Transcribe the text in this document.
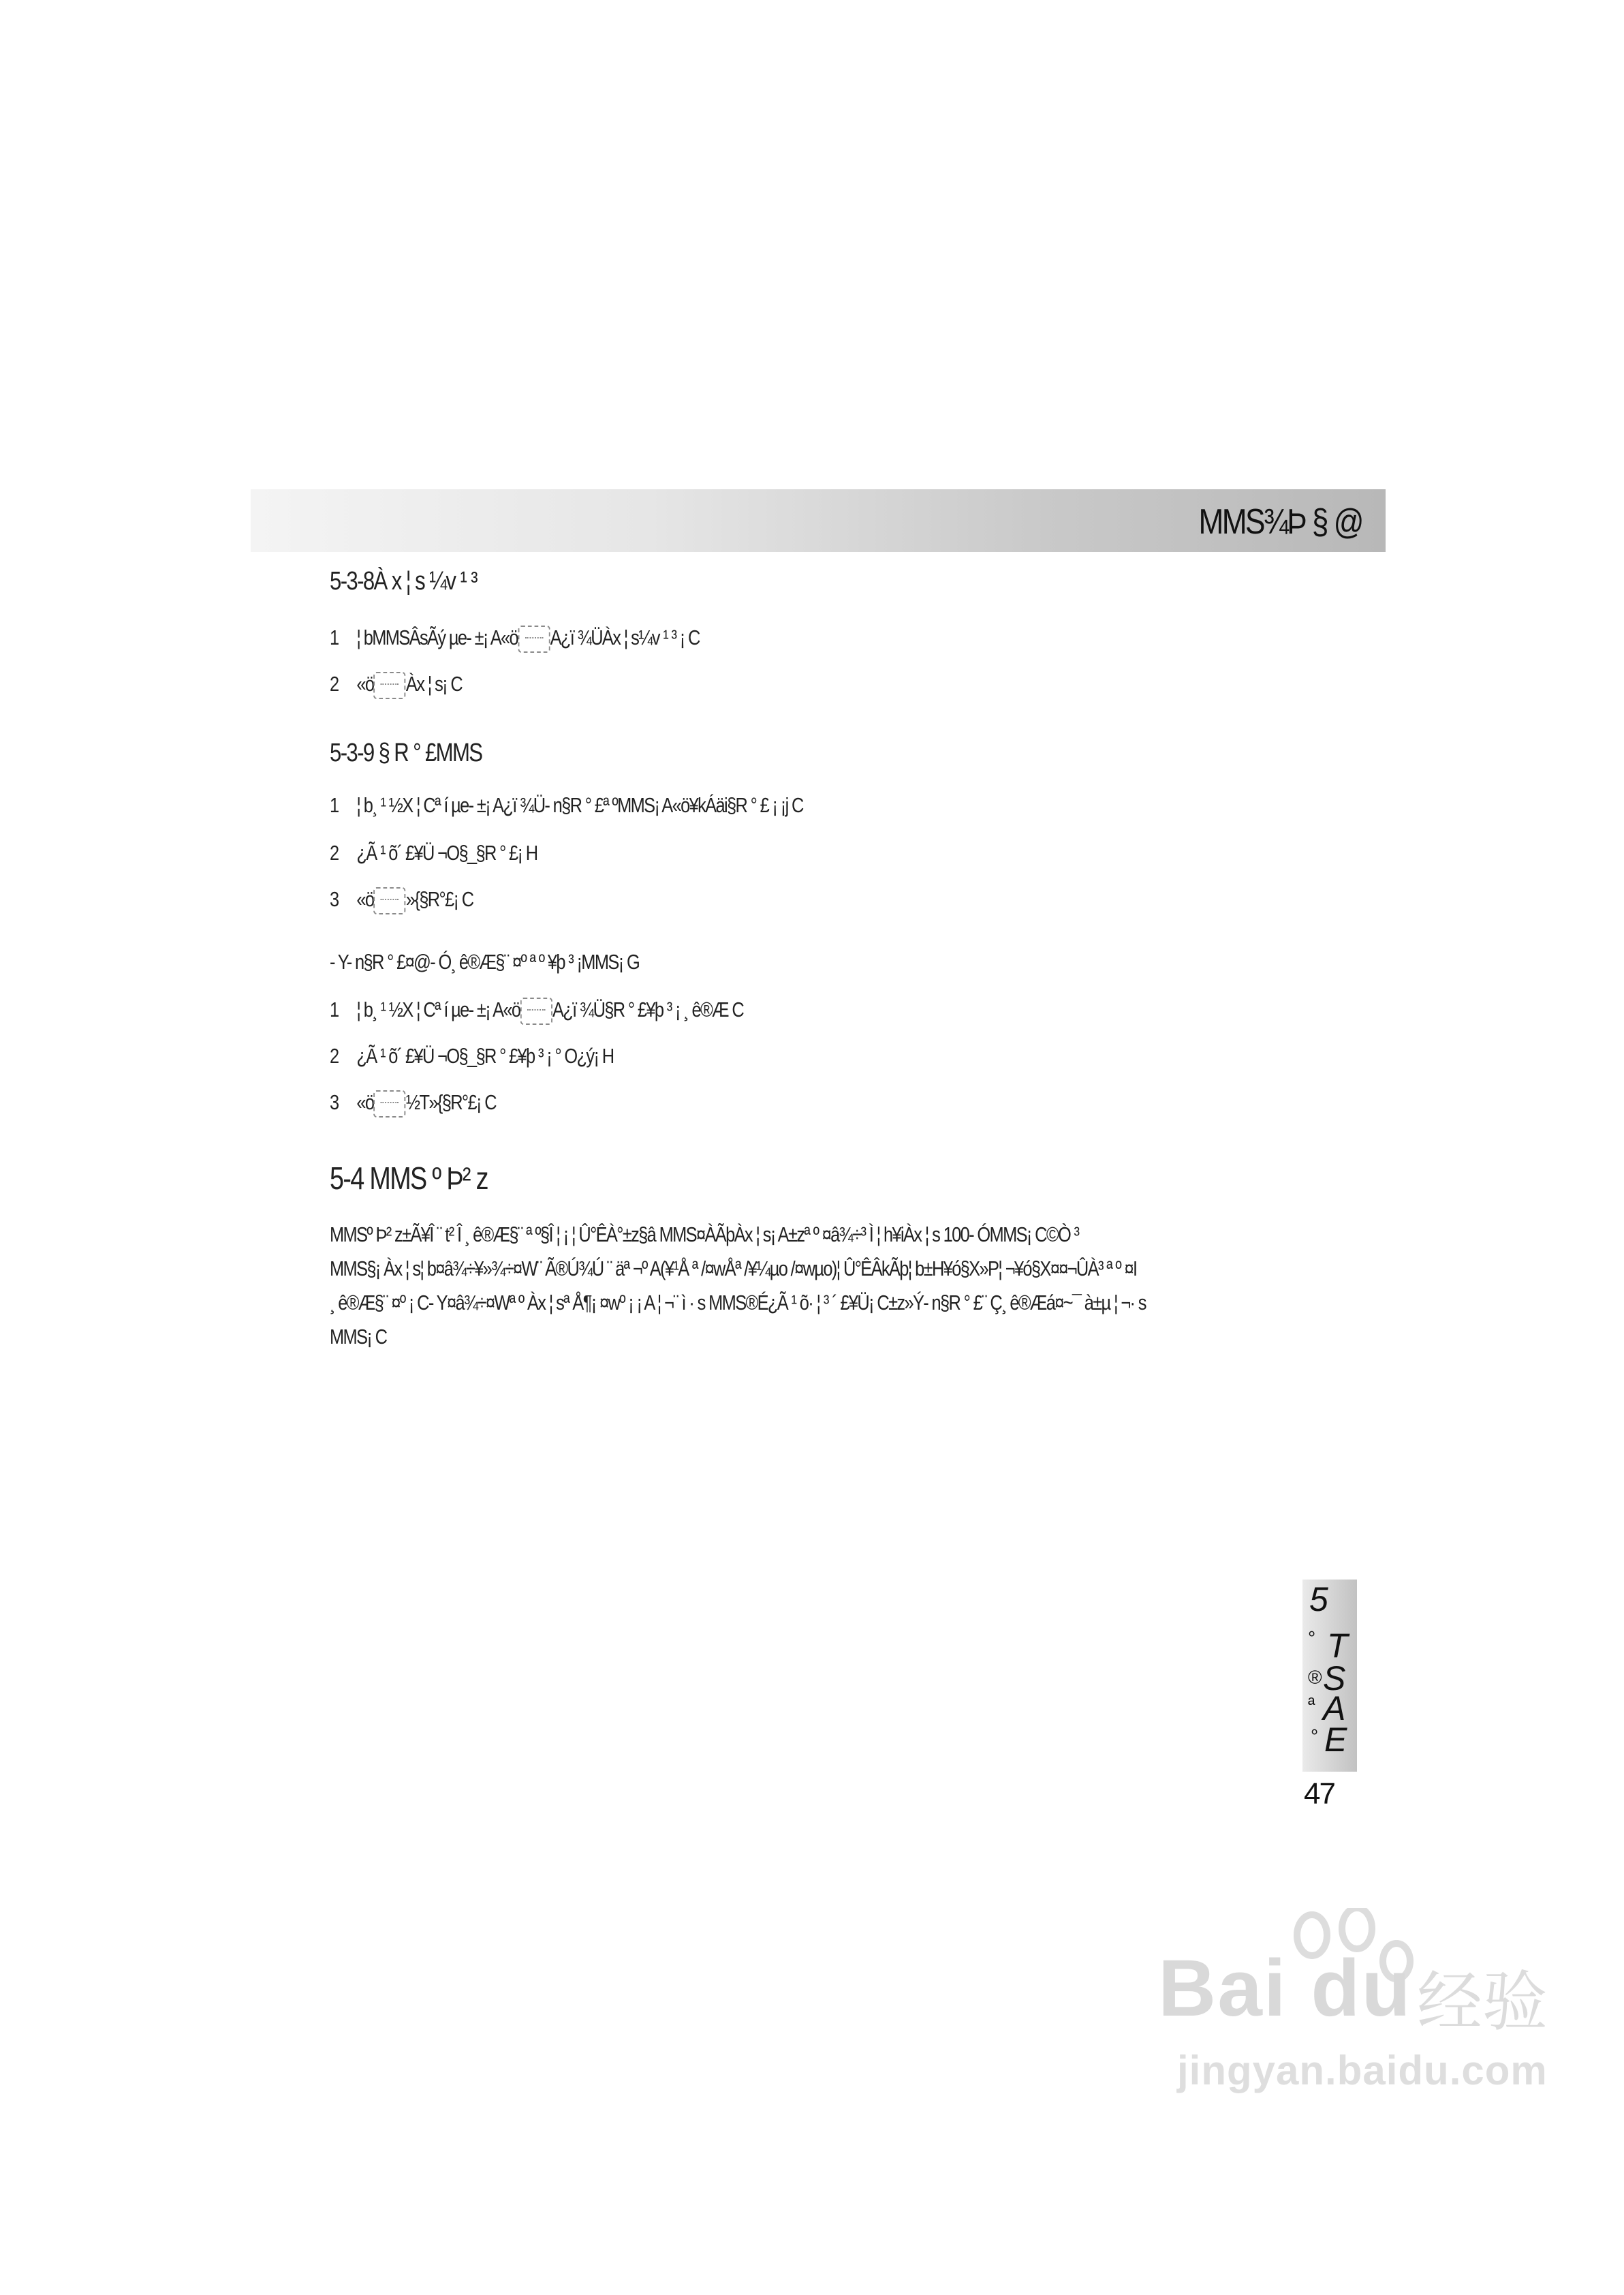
MMS¾Þ § @
5-3-8À x ¦ s ¼v ¹ ³
1 ¦ bMMSÂsÃý µe- ±¡ A«ö A¿ï ¾ÜÀx ¦ s¼v ¹ ³ ¡ C
2 «ö Àx ¦ s¡ C
5-3-9 § R ° £MMS
1 ¦ b¸ ¹ ½X ¦ Cª í µe- ±¡ A¿ï ¾Ü- n§R ° £ª ºMMS¡ A«ö¥kÁäi§R ° £ ¡ ¡j C
2 ¿Ã ¹ õ´ £¥Ü ¬O§_§R ° £¡ H
3 «ö »{§R°£¡ C
- Y- n§R ° £¤@- Ó¸ ê®Æ§¨ ¤º ª º ¥þ ³ ¡MMS¡ G
1 ¦ b¸ ¹ ½X ¦ Cª í µe- ±¡ A«ö A¿ï ¾Ü§R ° £¥þ ³ ¡ ¸ ê®Æ C
2 ¿Ã ¹ õ´ £¥Ü ¬O§_§R ° £¥þ ³ ¡ ° O¿ý¡ H
3 «ö ½T»{§R°£¡ C
5-4 MMS º Þ² z
MMSº Þ² z±Ã¥Î ¨ t² Î ¸ ê®Æ§¨ ª º§Î ¦ ¡ ¦ Û°ÊÀ°±z§â MMS¤ÀÃþÀx ¦ s¡ A±zª º ¤â¾÷³ Ì ¦ h¥iÀx ¦ s 100- ÓMMS¡ C©Ò ³
MMS§¡ Àx ¦ s¦ b¤â¾÷¥»¾÷¤W¨ Ã®Ú¾Ú ¨ äª ¬º A(¥¹Å ª /¤wÅª /¥¼µo /¤wµo)¦ Û°ÊÂkÃþ¦ b±H¥ó§X»P¦ ¬¥ó§X¤¤¬ÛÀ³ ª º ¤I
¸ ê®Æ§¨ ¤º ¡ C- Y¤â¾÷¤Wª º Àx ¦ sª Å¶¡ ¤wº ¡ ¡ A ¦ ¬¨ ì · s MMS®É¿Ã ¹ õ· ¦ ³ ´ £¥Ü¡ C±z»Ý- n§R ° £¨ Ç¸ ê®Æá¤~¯ à±µ ¦ ¬· s
MMS¡ C
5
° T
® S
ª A
° E
47
Bai du 经验
jingyan.baidu.com
